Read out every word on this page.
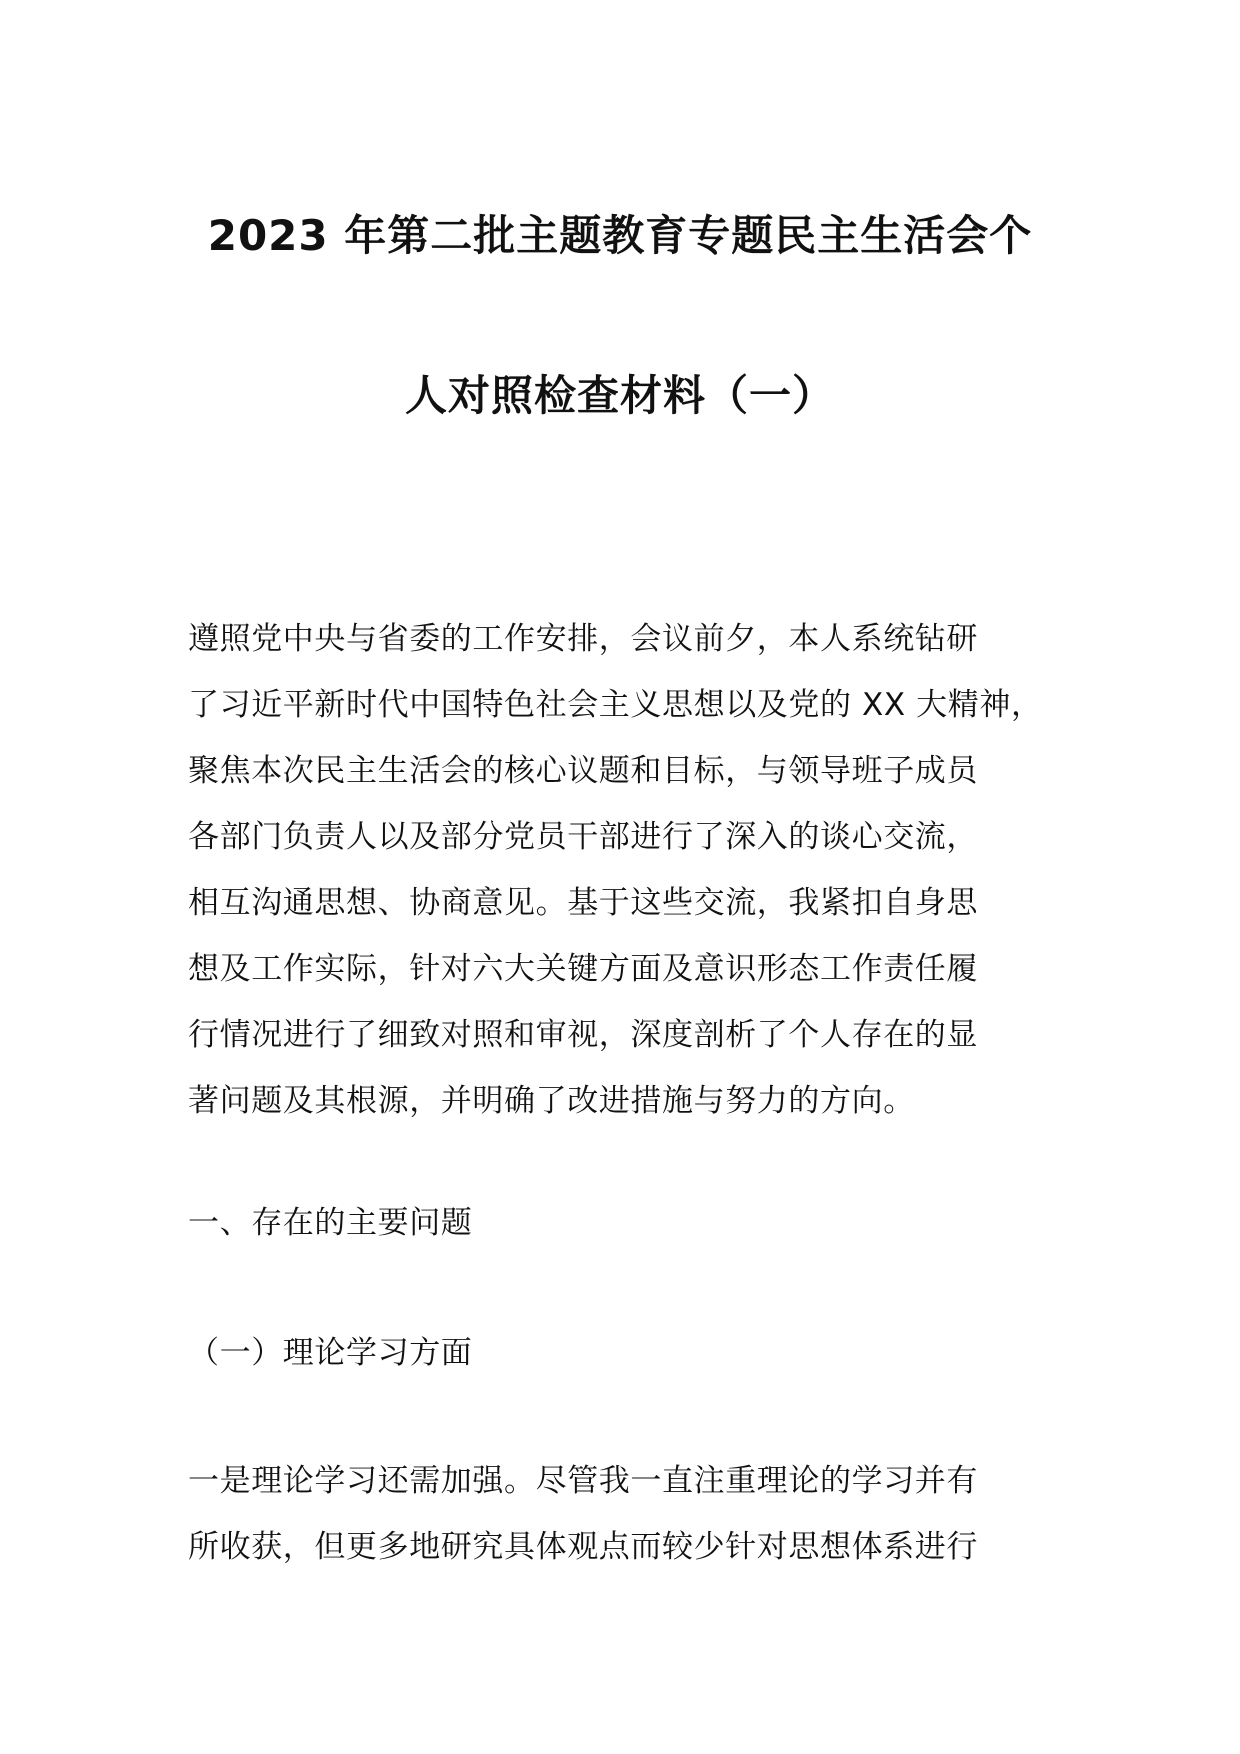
2023 年第二批主题教育专题民主生活会个
人对照检查材料（一）
遵照党中央与省委的工作安排，会议前夕，本人系统钻研
了习近平新时代中国特色社会主义思想以及党的 XX 大精神，
聚焦本次民主生活会的核心议题和目标，与领导班子成员
各部门负责人以及部分党员干部进行了深入的谈心交流，
相互沟通思想、协商意见。基于这些交流，我紧扣自身思
想及工作实际，针对六大关键方面及意识形态工作责任履
行情况进行了细致对照和审视，深度剖析了个人存在的显
著问题及其根源，并明确了改进措施与努力的方向。
一、存在的主要问题
（一）理论学习方面
一是理论学习还需加强。尽管我一直注重理论的学习并有
所收获，但更多地研究具体观点而较少针对思想体系进行
